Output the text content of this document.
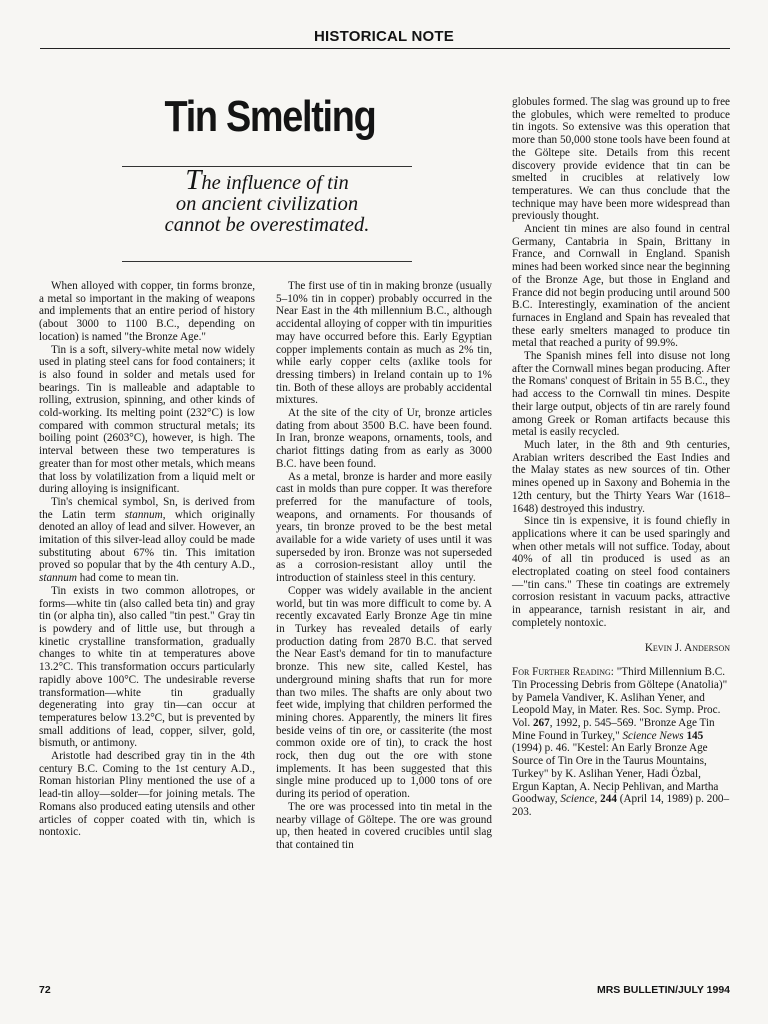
HISTORICAL NOTE
Tin Smelting
The influence of tin
on ancient civilization
cannot be overestimated.

When alloyed with copper, tin forms bronze, a metal so important in the making of weapons and implements that an entire period of history (about 3000 to 1100 B.C., depending on location) is named "the Bronze Age."

Tin is a soft, silvery-white metal now widely used in plating steel cans for food containers; it is also found in solder and metals used for bearings. Tin is malleable and adaptable to rolling, extrusion, spinning, and other kinds of cold-working. Its melting point (232°C) is low compared with common structural metals; its boiling point (2603°C), however, is high. The interval between these two temperatures is greater than for most other metals, which means that loss by volatilization from a liquid melt or during alloying is insignificant.

Tin's chemical symbol, Sn, is derived from the Latin term stannum, which originally denoted an alloy of lead and silver. However, an imitation of this silver-lead alloy could be made substituting about 67% tin. This imitation proved so popular that by the 4th century A.D., stannum had come to mean tin.

Tin exists in two common allotropes, or forms—white tin (also called beta tin) and gray tin (or alpha tin), also called "tin pest." Gray tin is powdery and of little use, but through a kinetic crystalline transformation, gradually changes to white tin at temperatures above 13.2°C. This transformation occurs particularly rapidly above 100°C. The undesirable reverse transformation—white tin gradually degenerating into gray tin—can occur at temperatures below 13.2°C, but is prevented by small additions of lead, copper, silver, gold, bismuth, or antimony.

Aristotle had described gray tin in the 4th century B.C. Coming to the 1st century A.D., Roman historian Pliny mentioned the use of a lead-tin alloy—solder—for joining metals. The Romans also produced eating utensils and other articles of copper coated with tin, which is nontoxic.

The first use of tin in making bronze (usually 5–10% tin in copper) probably occurred in the Near East in the 4th millennium B.C., although accidental alloying of copper with tin impurities may have occurred before this. Early Egyptian copper implements contain as much as 2% tin, while early copper celts (axlike tools for dressing timbers) in Ireland contain up to 1% tin. Both of these alloys are probably accidental mixtures.

At the site of the city of Ur, bronze articles dating from about 3500 B.C. have been found. In Iran, bronze weapons, ornaments, tools, and chariot fittings dating from as early as 3000 B.C. have been found.

As a metal, bronze is harder and more easily cast in molds than pure copper. It was therefore preferred for the manufacture of tools, weapons, and ornaments. For thousands of years, tin bronze proved to be the best metal available for a wide variety of uses until it was superseded by iron. Bronze was not superseded as a corrosion-resistant alloy until the introduction of stainless steel in this century.

Copper was widely available in the ancient world, but tin was more difficult to come by. A recently excavated Early Bronze Age tin mine in Turkey has revealed details of early production dating from 2870 B.C. that served the Near East's demand for tin to manufacture bronze. This new site, called Kestel, has underground mining shafts that run for more than two miles. The shafts are only about two feet wide, implying that children performed the mining chores. Apparently, the miners lit fires beside veins of tin ore, or cassiterite (the most common oxide ore of tin), to crack the host rock, then dug out the ore with stone implements. It has been suggested that this single mine produced up to 1,000 tons of ore during its period of operation.

The ore was processed into tin metal in the nearby village of Göltepe. The ore was ground up, then heated in covered crucibles until slag that contained tin

globules formed. The slag was ground up to free the globules, which were remelted to produce tin ingots. So extensive was this operation that more than 50,000 stone tools have been found at the Göltepe site. Details from this recent discovery provide evidence that tin can be smelted in crucibles at relatively low temperatures. We can thus conclude that the technique may have been more widespread than previously thought.

Ancient tin mines are also found in central Germany, Cantabria in Spain, Brittany in France, and Cornwall in England. Spanish mines had been worked since near the beginning of the Bronze Age, but those in England and France did not begin producing until around 500 B.C. Interestingly, examination of the ancient furnaces in England and Spain has revealed that these early smelters managed to produce tin metal that reached a purity of 99.9%.

The Spanish mines fell into disuse not long after the Cornwall mines began producing. After the Romans' conquest of Britain in 55 B.C., they had access to the Cornwall tin mines. Despite their large output, objects of tin are rarely found among Greek or Roman artifacts because this metal is easily recycled.

Much later, in the 8th and 9th centuries, Arabian writers described the East Indies and the Malay states as new sources of tin. Other mines opened up in Saxony and Bohemia in the 12th century, but the Thirty Years War (1618–1648) destroyed this industry.

Since tin is expensive, it is found chiefly in applications where it can be used sparingly and when other metals will not suffice. Today, about 40% of all tin produced is used as an electroplated coating on steel food containers—"tin cans." These tin coatings are extremely corrosion resistant in vacuum packs, attractive in appearance, tarnish resistant in air, and completely nontoxic.

Kevin J. Anderson

For Further Reading: "Third Millennium B.C. Tin Processing Debris from Göltepe (Anatolia)" by Pamela Vandiver, K. Aslihan Yener, and Leopold May, in Mater. Res. Soc. Symp. Proc. Vol. 267, 1992, p. 545–569. "Bronze Age Tin Mine Found in Turkey," Science News 145 (1994) p. 46. "Kestel: An Early Bronze Age Source of Tin Ore in the Taurus Mountains, Turkey" by K. Aslihan Yener, Hadi Özbal, Ergun Kaptan, A. Necip Pehlivan, and Martha Goodway, Science, 244 (April 14, 1989) p. 200–203.

72	MRS BULLETIN/JULY 1994
